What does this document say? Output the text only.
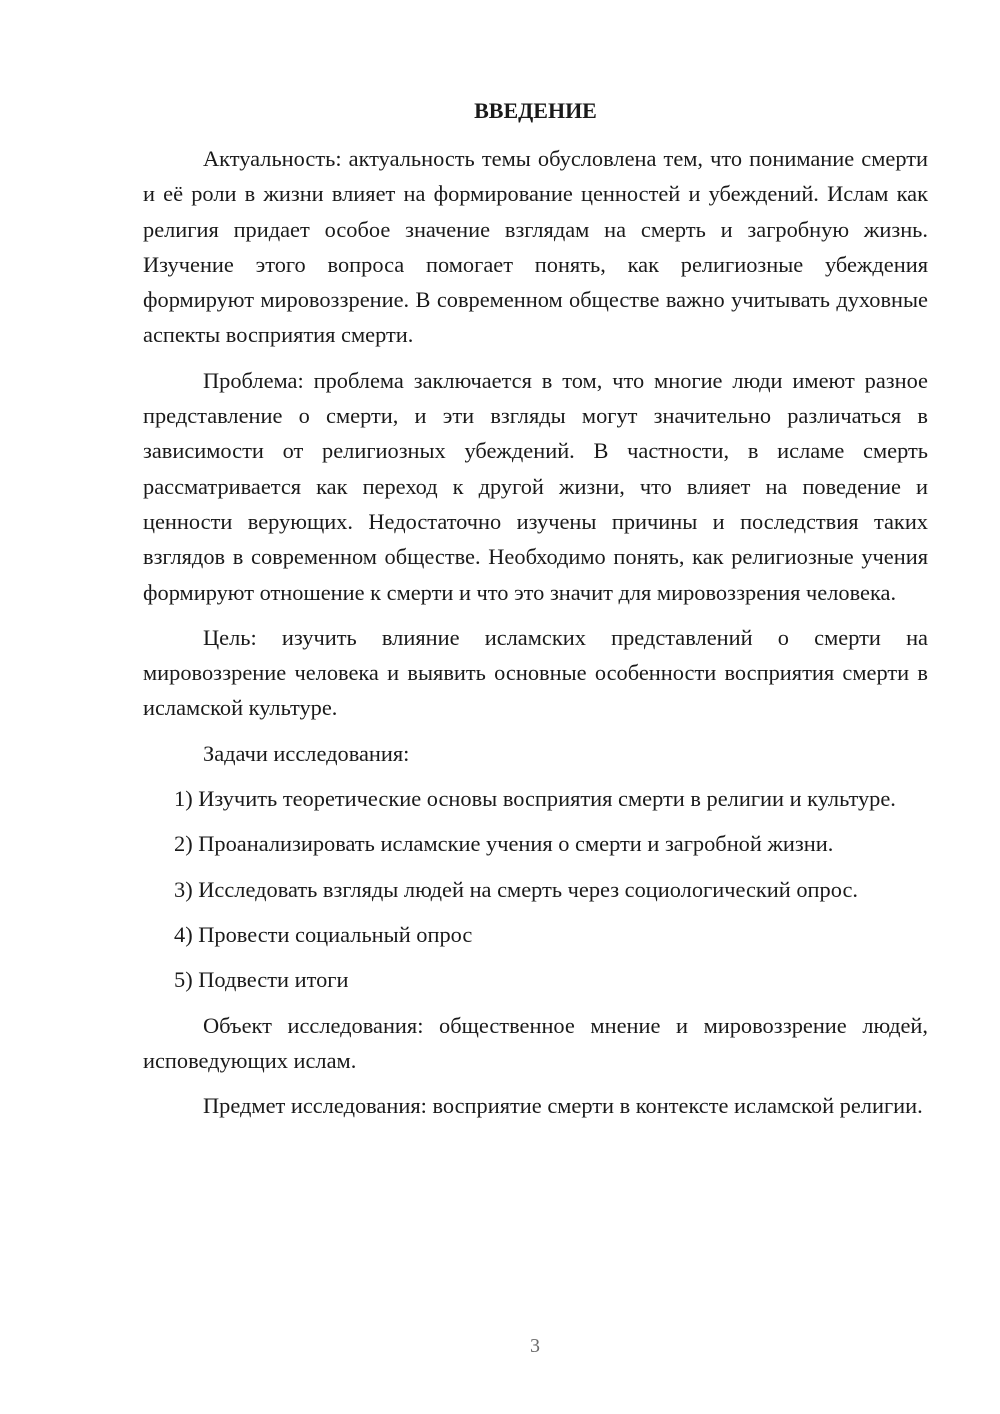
ВВЕДЕНИЕ

Актуальность: актуальность темы обусловлена тем, что понимание смерти и её роли в жизни влияет на формирование ценностей и убеждений. Ислам как религия придает особое значение взглядам на смерть и загробную жизнь. Изучение этого вопроса помогает понять, как религиозные убеждения формируют мировоззрение. В современном обществе важно учитывать духовные аспекты восприятия смерти.

Проблема: проблема заключается в том, что многие люди имеют разное представление о смерти, и эти взгляды могут значительно различаться в зависимости от религиозных убеждений. В частности, в исламе смерть рассматривается как переход к другой жизни, что влияет на поведение и ценности верующих. Недостаточно изучены причины и последствия таких взглядов в современном обществе. Необходимо понять, как религиозные учения формируют отношение к смерти и что это значит для мировоззрения человека.

Цель: изучить влияние исламских представлений о смерти на мировоззрение человека и выявить основные особенности восприятия смерти в исламской культуре.

Задачи исследования:

1) Изучить теоретические основы восприятия смерти в религии и культуре.

2) Проанализировать исламские учения о смерти и загробной жизни.

3) Исследовать взгляды людей на смерть через социологический опрос.

4) Провести социальный опрос

5) Подвести итоги

Объект исследования: общественное мнение и мировоззрение людей, исповедующих ислам.

Предмет исследования: восприятие смерти в контексте исламской религии.

3
